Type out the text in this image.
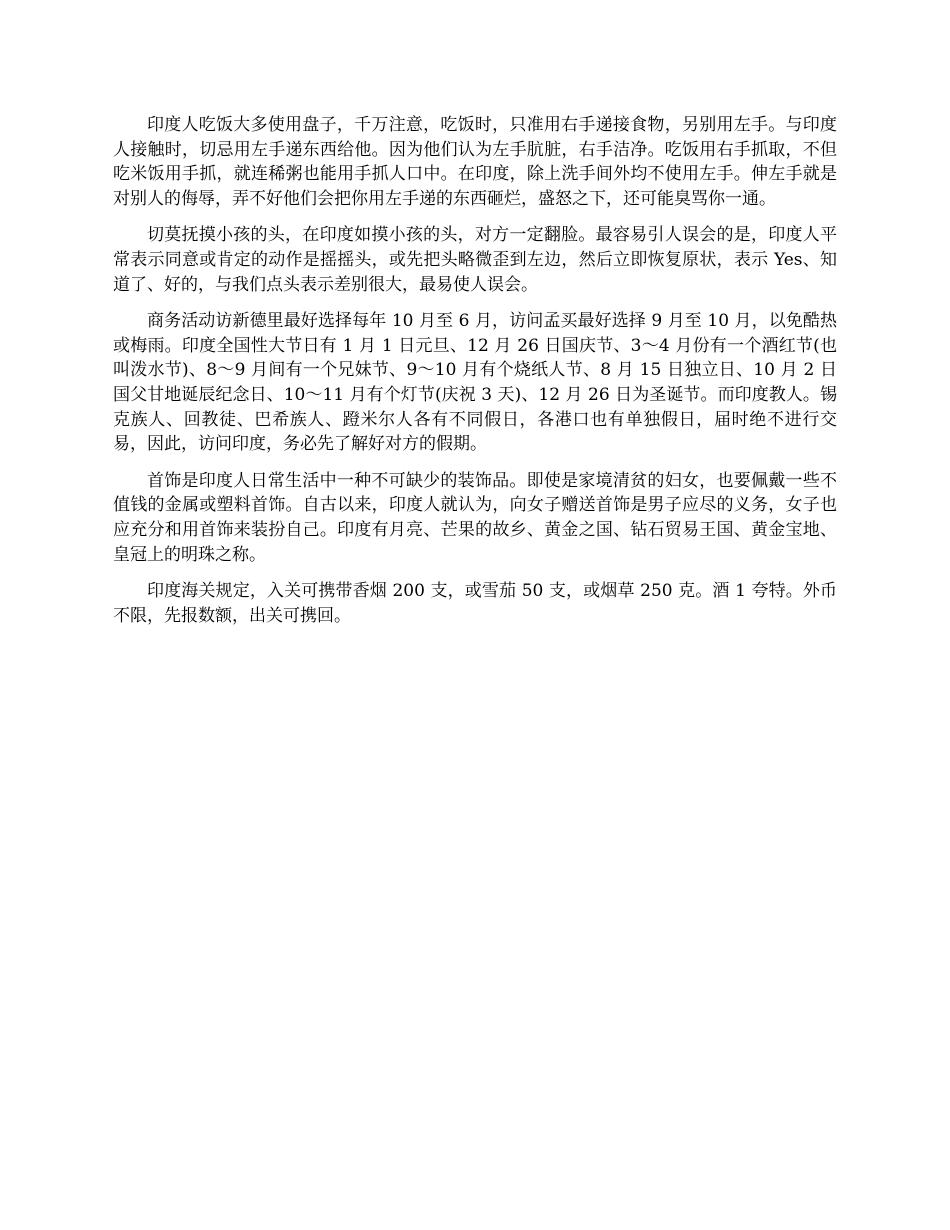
印度人吃饭大多使用盘子，千万注意，吃饭时，只准用右手递接食物，另别用左手。与印度人接触时，切忌用左手递东西给他。因为他们认为左手肮脏，右手洁净。吃饭用右手抓取，不但吃米饭用手抓，就连稀粥也能用手抓人口中。在印度，除上洗手间外均不使用左手。伸左手就是对别人的侮辱，弄不好他们会把你用左手递的东西砸烂，盛怒之下，还可能臭骂你一通。

切莫抚摸小孩的头，在印度如摸小孩的头，对方一定翻脸。最容易引人误会的是，印度人平常表示同意或肯定的动作是摇摇头，或先把头略微歪到左边，然后立即恢复原状，表示 Yes、知道了、好的，与我们点头表示差别很大，最易使人误会。

商务活动访新德里最好选择每年 10 月至 6 月，访问孟买最好选择 9 月至 10 月，以免酷热或梅雨。印度全国性大节日有 1 月 1 日元旦、12 月 26 日国庆节、3～4 月份有一个酒红节(也叫泼水节)、8～9 月间有一个兄妹节、9～10 月有个烧纸人节、8 月 15 日独立日、10 月 2 日国父甘地诞辰纪念日、10～11 月有个灯节(庆祝 3 天)、12 月 26 日为圣诞节。而印度教人。锡克族人、回教徒、巴希族人、蹬米尔人各有不同假日，各港口也有单独假日，届时绝不进行交易，因此，访问印度，务必先了解好对方的假期。

首饰是印度人日常生活中一种不可缺少的装饰品。即使是家境清贫的妇女，也要佩戴一些不值钱的金属或塑料首饰。自古以来，印度人就认为，向女子赠送首饰是男子应尽的义务，女子也应充分和用首饰来装扮自己。印度有月亮、芒果的故乡、黄金之国、钻石贸易王国、黄金宝地、皇冠上的明珠之称。

印度海关规定，入关可携带香烟 200 支，或雪茄 50 支，或烟草 250 克。酒 1 夸特。外币不限，先报数额，出关可携回。
